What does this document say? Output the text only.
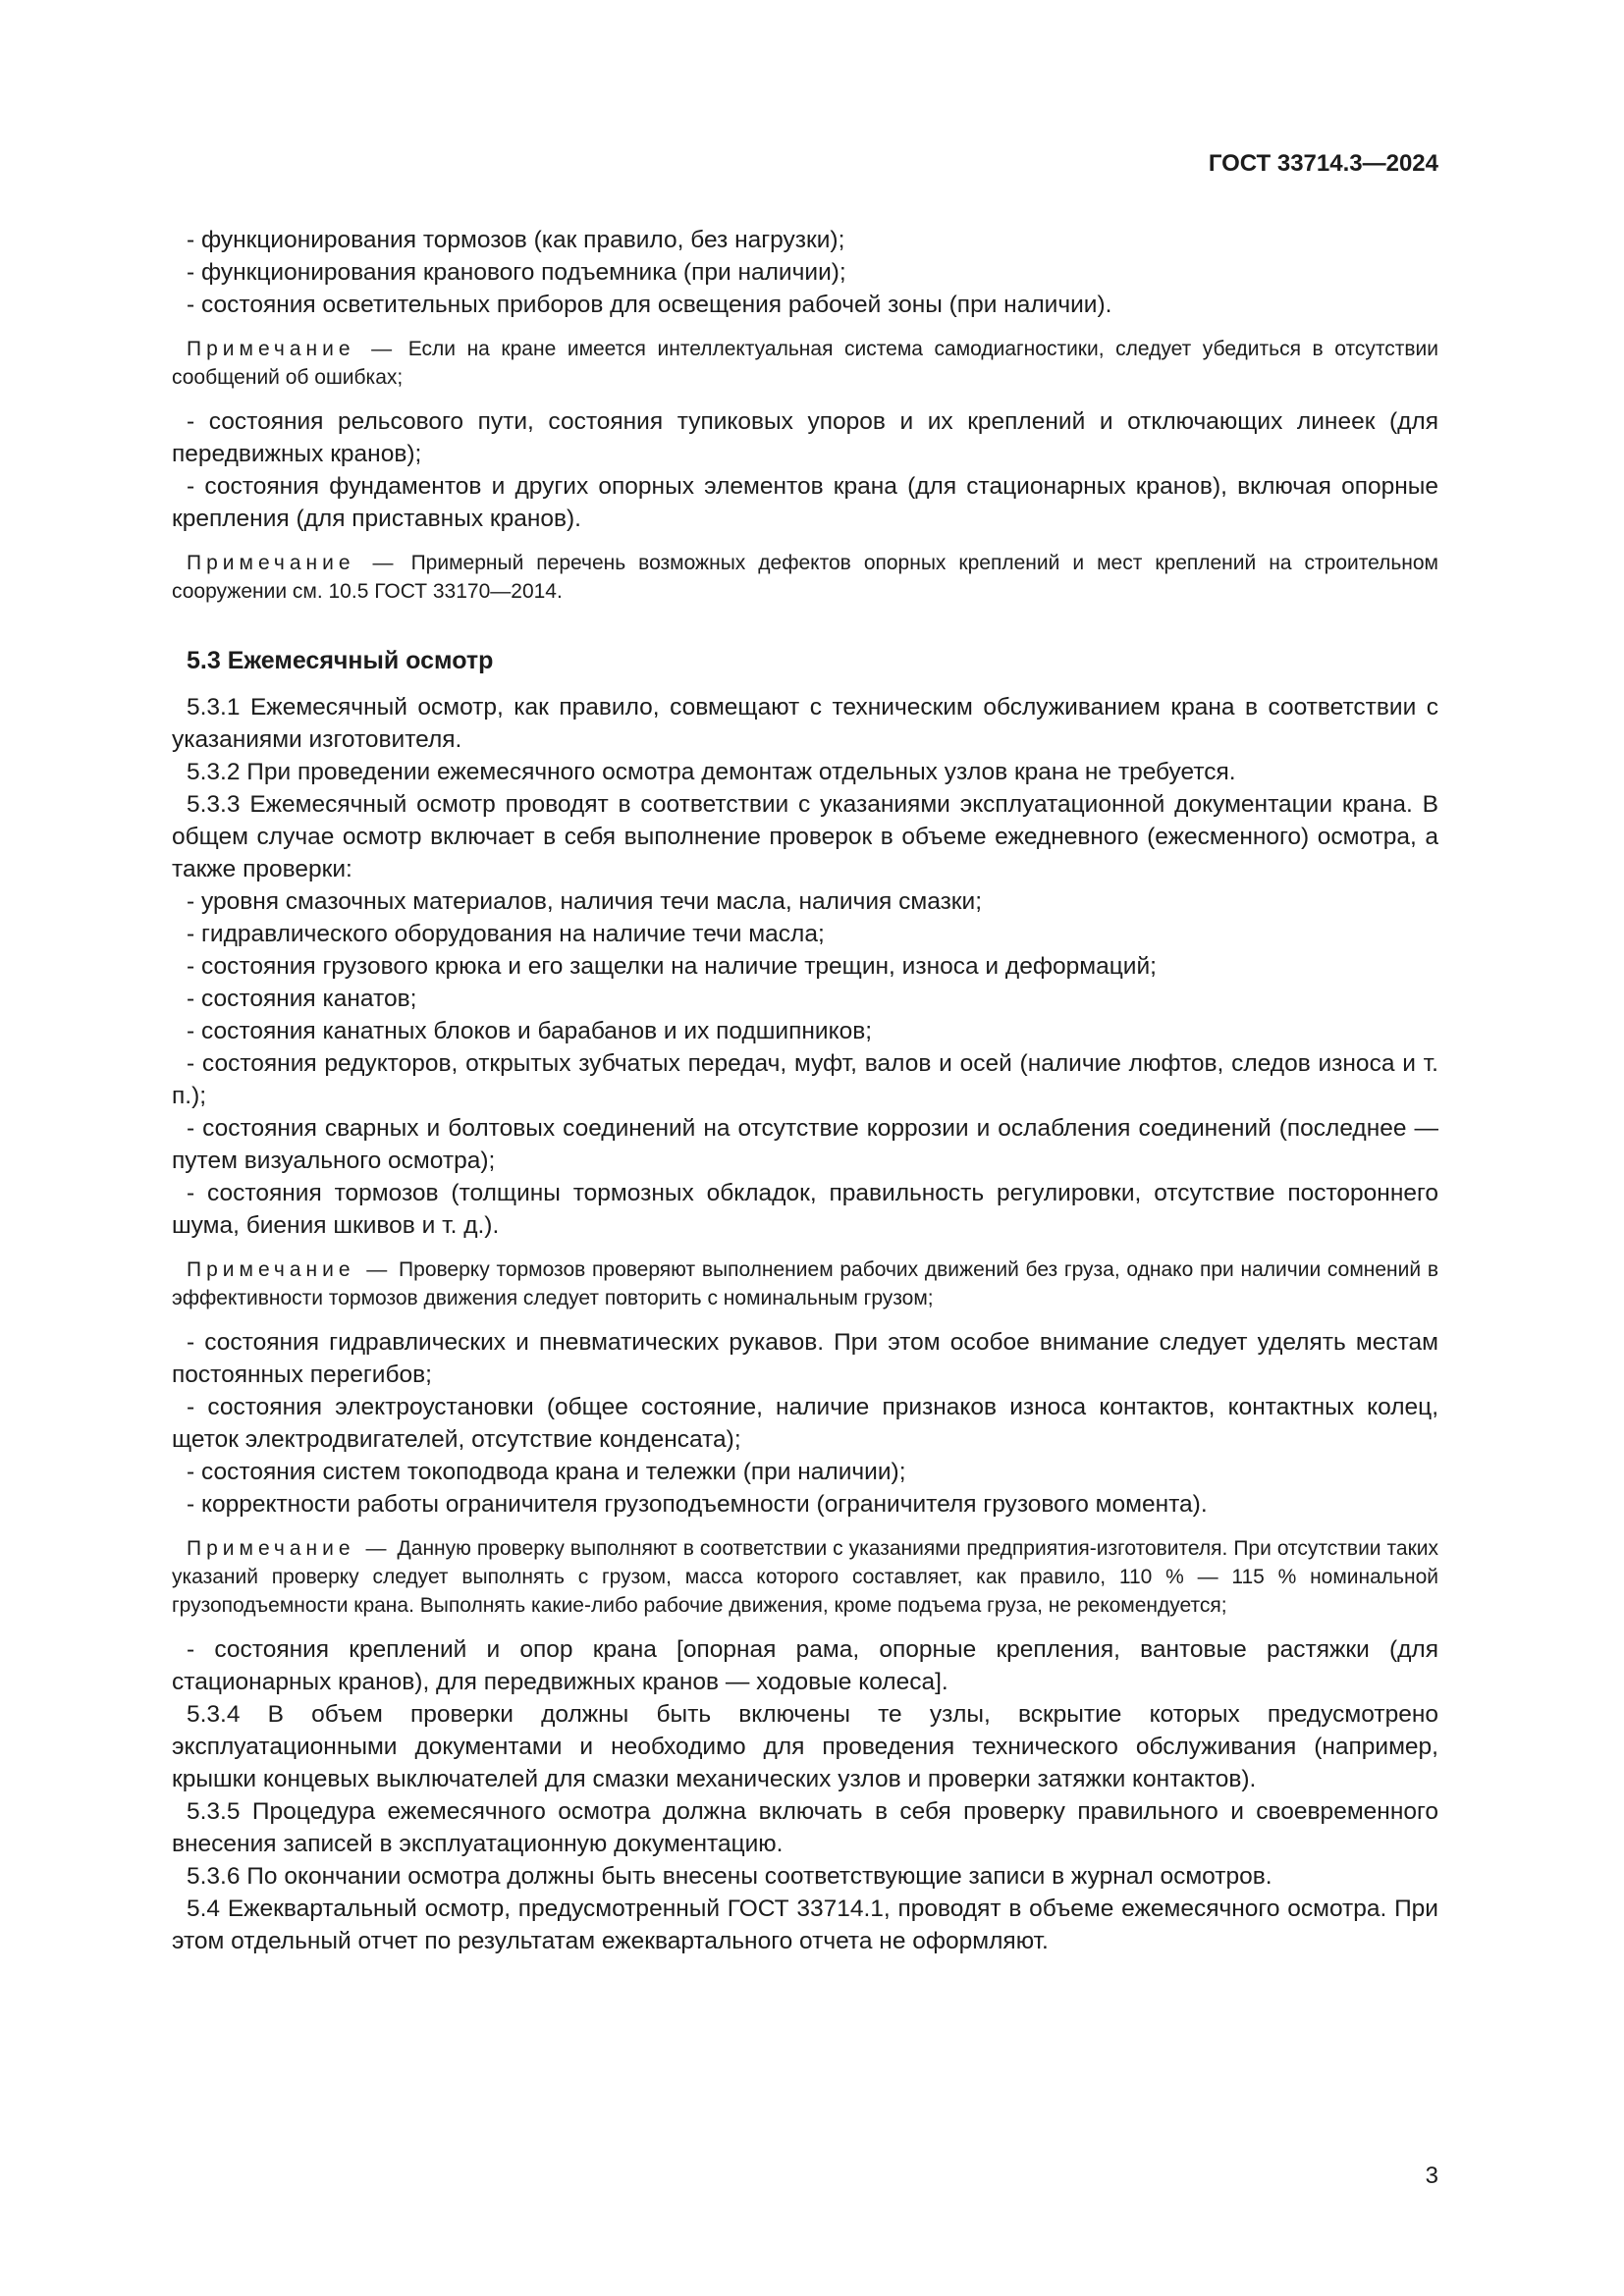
ГОСТ 33714.3—2024

- функционирования тормозов (как правило, без нагрузки);

- функционирования кранового подъемника (при наличии);

- состояния осветительных приборов для освещения рабочей зоны (при наличии).

Примечание — Если на кране имеется интеллектуальная система самодиагностики, следует убедиться в отсутствии сообщений об ошибках;

- состояния рельсового пути, состояния тупиковых упоров и их креплений и отключающих линеек (для передвижных кранов);

- состояния фундаментов и других опорных элементов крана (для стационарных кранов), включая опорные крепления (для приставных кранов).

Примечание — Примерный перечень возможных дефектов опорных креплений и мест креплений на строительном сооружении см. 10.5 ГОСТ 33170—2014.

5.3 Ежемесячный осмотр

5.3.1 Ежемесячный осмотр, как правило, совмещают с техническим обслуживанием крана в соответствии с указаниями изготовителя.

5.3.2 При проведении ежемесячного осмотра демонтаж отдельных узлов крана не требуется.

5.3.3 Ежемесячный осмотр проводят в соответствии с указаниями эксплуатационной документации крана. В общем случае осмотр включает в себя выполнение проверок в объеме ежедневного (ежесменного) осмотра, а также проверки:

- уровня смазочных материалов, наличия течи масла, наличия смазки;

- гидравлического оборудования на наличие течи масла;

- состояния грузового крюка и его защелки на наличие трещин, износа и деформаций;

- состояния канатов;

- состояния канатных блоков и барабанов и их подшипников;

- состояния редукторов, открытых зубчатых передач, муфт, валов и осей (наличие люфтов, следов износа и т. п.);

- состояния сварных и болтовых соединений на отсутствие коррозии и ослабления соединений (последнее — путем визуального осмотра);

- состояния тормозов (толщины тормозных обкладок, правильность регулировки, отсутствие постороннего шума, биения шкивов и т. д.).

Примечание — Проверку тормозов проверяют выполнением рабочих движений без груза, однако при наличии сомнений в эффективности тормозов движения следует повторить с номинальным грузом;

- состояния гидравлических и пневматических рукавов. При этом особое внимание следует уделять местам постоянных перегибов;

- состояния электроустановки (общее состояние, наличие признаков износа контактов, контактных колец, щеток электродвигателей, отсутствие конденсата);

- состояния систем токоподвода крана и тележки (при наличии);

- корректности работы ограничителя грузоподъемности (ограничителя грузового момента).

Примечание — Данную проверку выполняют в соответствии с указаниями предприятия-изготовителя. При отсутствии таких указаний проверку следует выполнять с грузом, масса которого составляет, как правило, 110 % — 115 % номинальной грузоподъемности крана. Выполнять какие-либо рабочие движения, кроме подъема груза, не рекомендуется;

- состояния креплений и опор крана [опорная рама, опорные крепления, вантовые растяжки (для стационарных кранов), для передвижных кранов — ходовые колеса].

5.3.4 В объем проверки должны быть включены те узлы, вскрытие которых предусмотрено эксплуатационными документами и необходимо для проведения технического обслуживания (например, крышки концевых выключателей для смазки механических узлов и проверки затяжки контактов).

5.3.5 Процедура ежемесячного осмотра должна включать в себя проверку правильного и своевременного внесения записей в эксплуатационную документацию.

5.3.6 По окончании осмотра должны быть внесены соответствующие записи в журнал осмотров.

5.4 Ежеквартальный осмотр, предусмотренный ГОСТ 33714.1, проводят в объеме ежемесячного осмотра. При этом отдельный отчет по результатам ежеквартального отчета не оформляют.

3
